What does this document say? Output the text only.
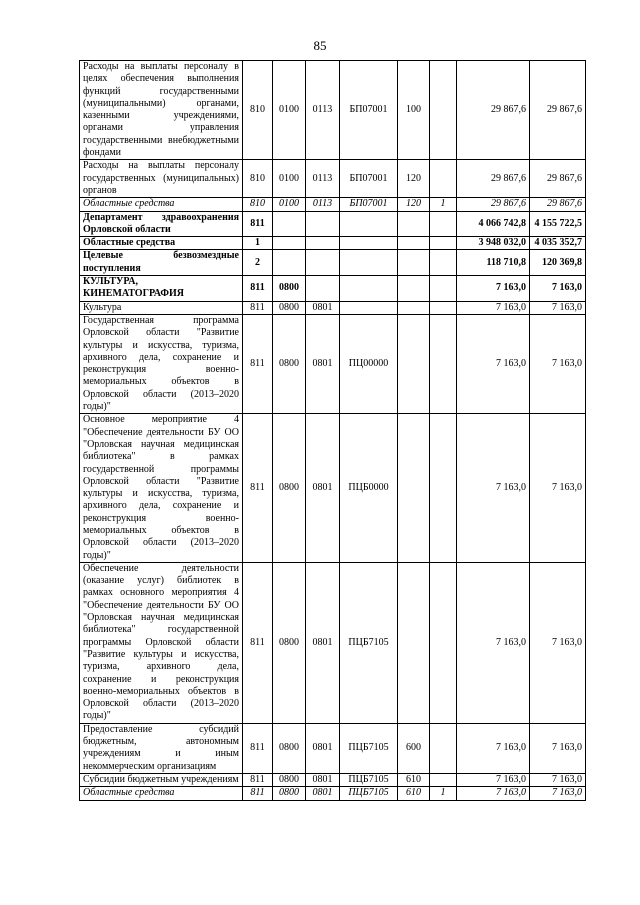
85
Расходы на выплаты персоналу в целях обеспечения выполнения функций государственными (муниципальными) органами, казенными учреждениями, органами управления государственными внебюджетными фондами	810	0100	0113	БП07001	100		29 867,6	29 867,6
Расходы на выплаты персоналу государственных (муниципальных) органов	810	0100	0113	БП07001	120		29 867,6	29 867,6
Областные средства	810	0100	0113	БП07001	120	1	29 867,6	29 867,6
Департамент здравоохранения Орловской области	811						4 066 742,8	4 155 722,5
Областные средства	1						3 948 032,0	4 035 352,7
Целевые безвозмездные поступления	2						118 710,8	120 369,8
КУЛЬТУРА, КИНЕМАТОГРАФИЯ	811	0800					7 163,0	7 163,0
Культура	811	0800	0801				7 163,0	7 163,0
Государственная программа Орловской области "Развитие культуры и искусства, туризма, архивного дела, сохранение и реконструкция военно-мемориальных объектов в Орловской области (2013–2020 годы)"	811	0800	0801	ПЦ00000			7 163,0	7 163,0
Основное мероприятие 4 "Обеспечение деятельности БУ ОО "Орловская научная медицинская библиотека" в рамках государственной программы Орловской области "Развитие культуры и искусства, туризма, архивного дела, сохранение и реконструкция военно-мемориальных объектов в Орловской области (2013–2020 годы)"	811	0800	0801	ПЦБ0000			7 163,0	7 163,0
Обеспечение деятельности (оказание услуг) библиотек в рамках основного мероприятия 4 "Обеспечение деятельности БУ ОО "Орловская научная медицинская библиотека" государственной программы Орловской области "Развитие культуры и искусства, туризма, архивного дела, сохранение и реконструкция военно-мемориальных объектов в Орловской области (2013–2020 годы)"	811	0800	0801	ПЦБ7105			7 163,0	7 163,0
Предоставление субсидий бюджетным, автономным учреждениям и иным некоммерческим организациям	811	0800	0801	ПЦБ7105	600		7 163,0	7 163,0
Субсидии бюджетным учреждениям	811	0800	0801	ПЦБ7105	610		7 163,0	7 163,0
Областные средства	811	0800	0801	ПЦБ7105	610	1	7 163,0	7 163,0
